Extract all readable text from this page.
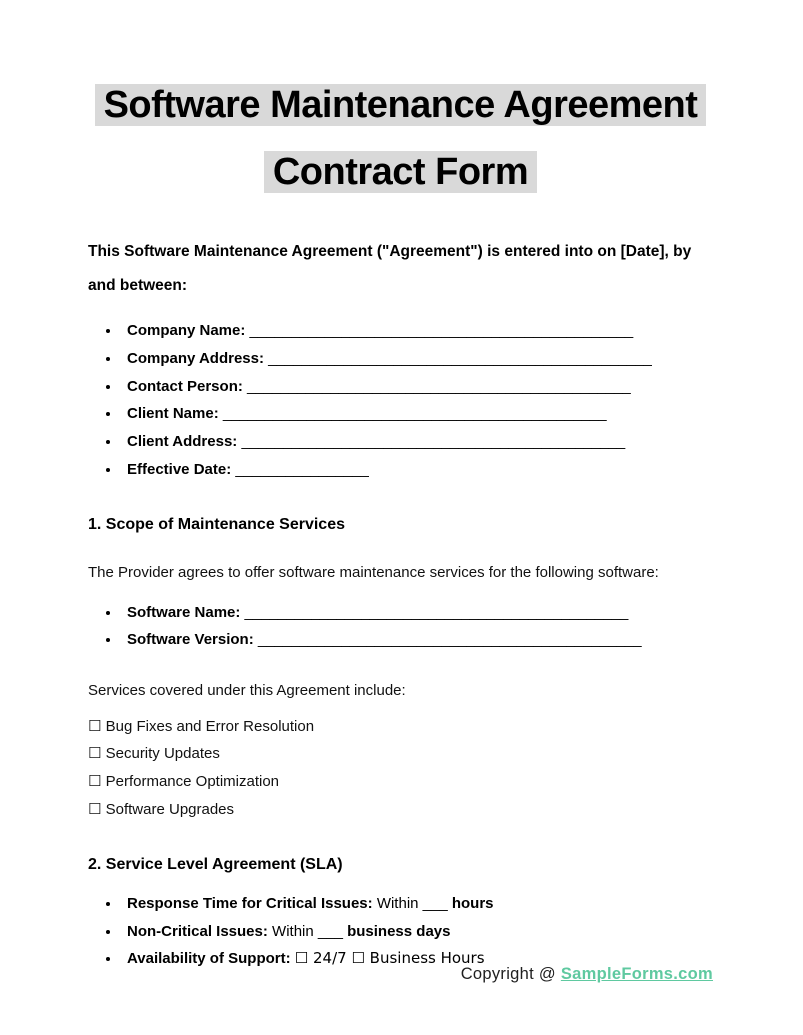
Software Maintenance Agreement
Contract Form

This Software Maintenance Agreement ("Agreement") is entered into on [Date], by and between:

• Company Name: ______________________________________________
• Company Address: ______________________________________________
• Contact Person: ______________________________________________
• Client Name: ______________________________________________
• Client Address: ______________________________________________
• Effective Date: ________________
1. Scope of Maintenance Services

The Provider agrees to offer software maintenance services for the following software:

• Software Name: ______________________________________________
• Software Version: ______________________________________________

Services covered under this Agreement include:

☐ Bug Fixes and Error Resolution

☐ Security Updates

☐ Performance Optimization

☐ Software Upgrades

2. Service Level Agreement (SLA)
• Response Time for Critical Issues: Within ___ hours
• Non-Critical Issues: Within ___ business days
• Availability of Support: ☐ 24/7 ☐ Business Hours
Copyright @ SampleForms.com
